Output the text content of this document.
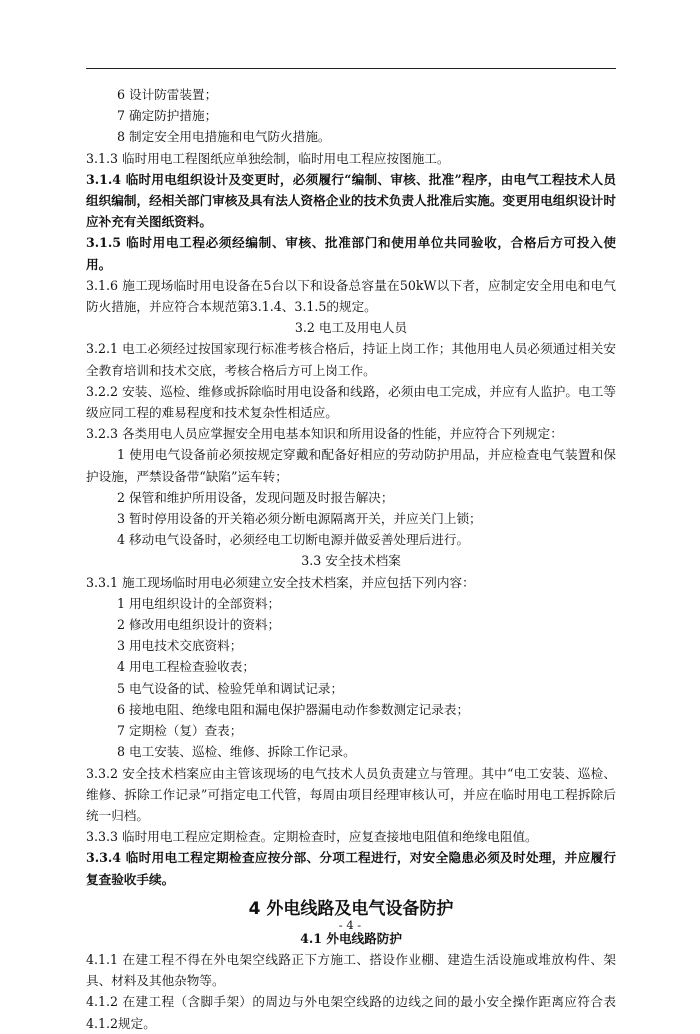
6 设计防雷装置；

7 确定防护措施；

8 制定安全用电措施和电气防火措施。

3.1.3 临时用电工程图纸应单独绘制，临时用电工程应按图施工。

3.1.4 临时用电组织设计及变更时，必须履行“编制、审核、批准”程序，由电气工程技术人员组织编制，经相关部门审核及具有法人资格企业的技术负责人批准后实施。变更用电组织设计时应补充有关图纸资料。

3.1.5 临时用电工程必须经编制、审核、批准部门和使用单位共同验收，合格后方可投入使用。

3.1.6 施工现场临时用电设备在5台以下和设备总容量在50kW以下者，应制定安全用电和电气防火措施，并应符合本规范第3.1.4、3.1.5的规定。

3.2 电工及用电人员

3.2.1 电工必须经过按国家现行标准考核合格后，持证上岗工作；其他用电人员必须通过相关安全教育培训和技术交底，考核合格后方可上岗工作。

3.2.2 安装、巡检、维修或拆除临时用电设备和线路，必须由电工完成，并应有人监护。电工等级应同工程的难易程度和技术复杂性相适应。

3.2.3 各类用电人员应掌握安全用电基本知识和所用设备的性能，并应符合下列规定：

1 使用电气设备前必须按规定穿戴和配备好相应的劳动防护用品，并应检查电气装置和保护设施，严禁设备带“缺陷”运车转；

2 保管和维护所用设备，发现问题及时报告解决；

3 暂时停用设备的开关箱必须分断电源隔离开关，并应关门上锁；

4 移动电气设备时，必须经电工切断电源并做妥善处理后进行。

3.3 安全技术档案

3.3.1 施工现场临时用电必须建立安全技术档案，并应包括下列内容：

1 用电组织设计的全部资料；

2 修改用电组织设计的资料；

3 用电技术交底资料；

4 用电工程检查验收表；

5 电气设备的试、检验凭单和调试记录；

6 接地电阻、绝缘电阻和漏电保护器漏电动作参数测定记录表；

7 定期检（复）查表；

8 电工安装、巡检、维修、拆除工作记录。

3.3.2 安全技术档案应由主管该现场的电气技术人员负责建立与管理。其中“电工安装、巡检、维修、拆除工作记录”可指定电工代管，每周由项目经理审核认可，并应在临时用电工程拆除后统一归档。

3.3.3 临时用电工程应定期检查。定期检查时，应复查接地电阻值和绝缘电阻值。

3.3.4 临时用电工程定期检查应按分部、分项工程进行，对安全隐患必须及时处理，并应履行复查验收手续。

4 外电线路及电气设备防护

4.1 外电线路防护

4.1.1 在建工程不得在外电架空线路正下方施工、搭设作业棚、建造生活设施或堆放构件、架具、材料及其他杂物等。

4.1.2 在建工程（含脚手架）的周边与外电架空线路的边线之间的最小安全操作距离应符合表4.1.2规定。

- 4 -
